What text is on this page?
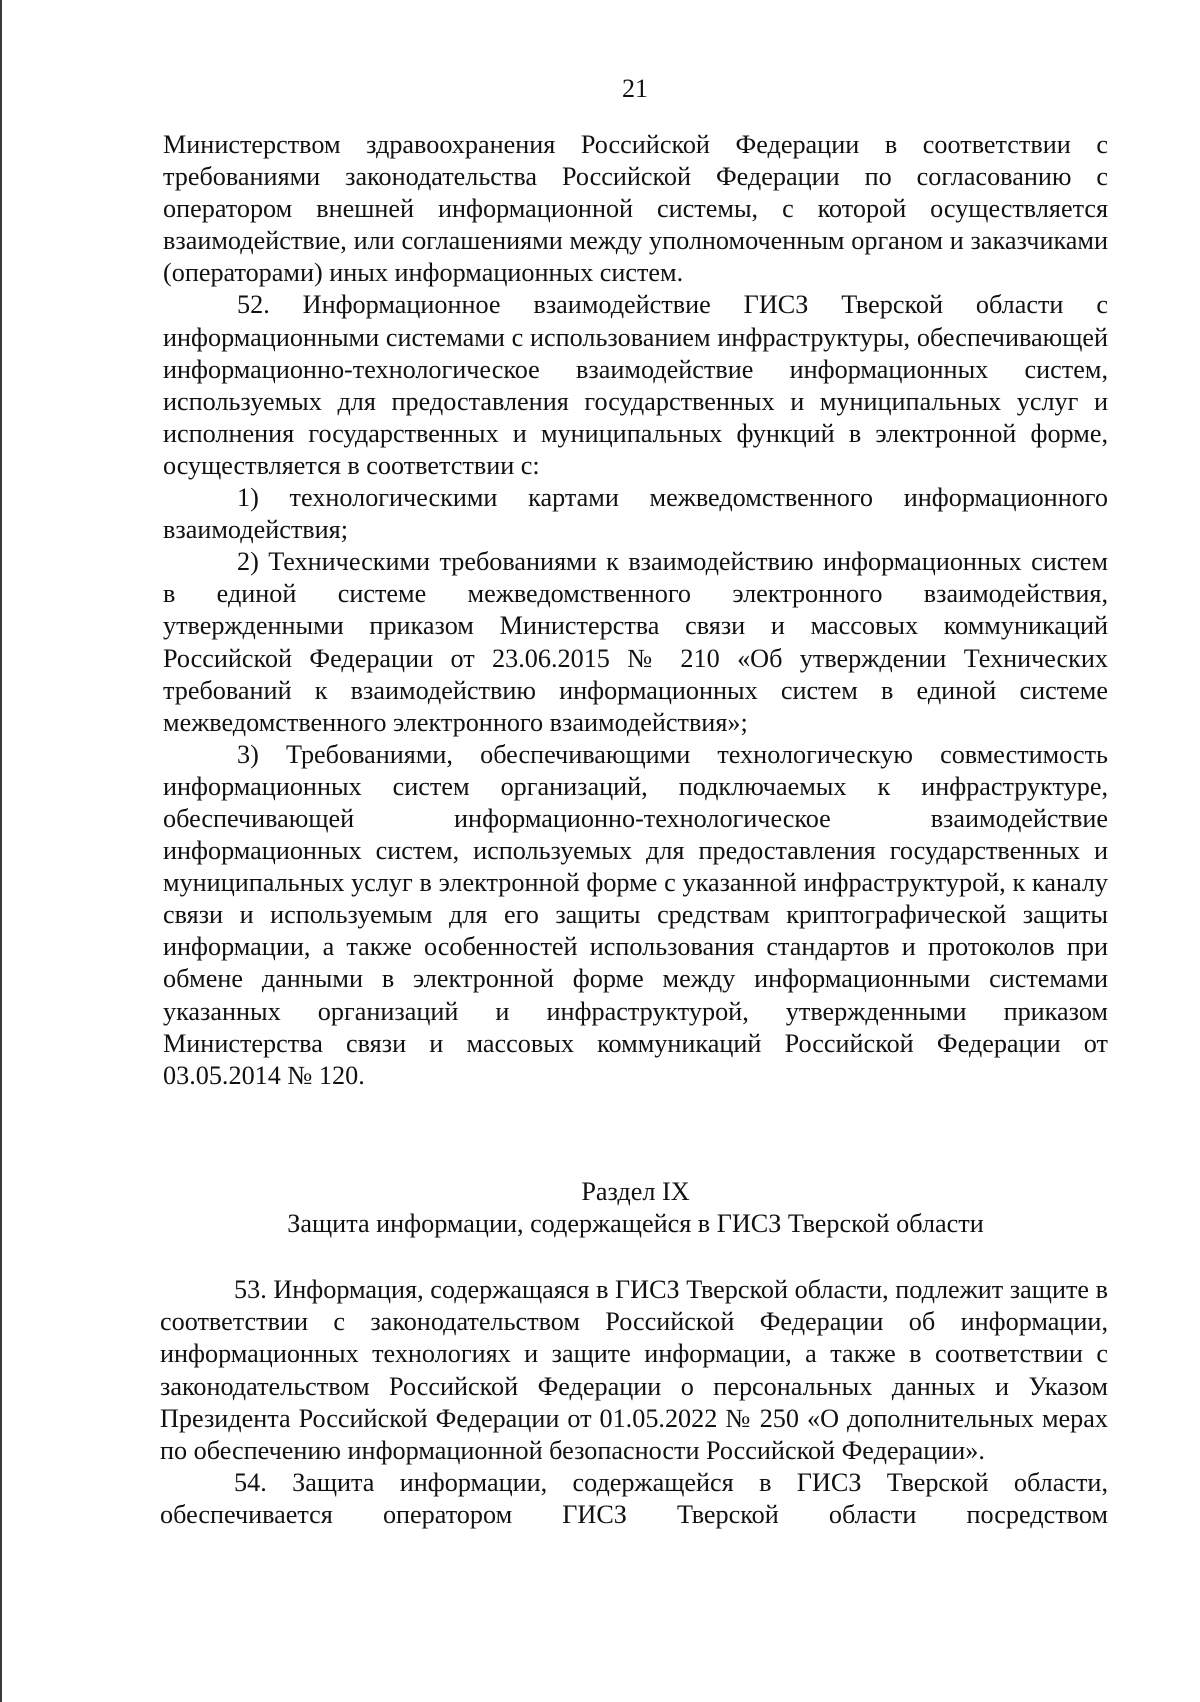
21

Министерством здравоохранения Российской Федерации в соответствии с требованиями законодательства Российской Федерации по согласованию с оператором внешней информационной системы, с которой осуществляется взаимодействие, или соглашениями между уполномоченным органом и заказчиками (операторами) иных информационных систем.

52. Информационное взаимодействие ГИСЗ Тверской области с информационными системами с использованием инфраструктуры, обеспечивающей информационно-технологическое взаимодействие информационных систем, используемых для предоставления государственных и муниципальных услуг и исполнения государственных и муниципальных функций в электронной форме, осуществляется в соответствии с:

1) технологическими картами межведомственного информационного взаимодействия;

2) Техническими требованиями к взаимодействию информационных систем в единой системе межведомственного электронного взаимодействия, утвержденными приказом Министерства связи и массовых коммуникаций Российской Федерации от 23.06.2015 № 210 «Об утверждении Технических требований к взаимодействию информационных систем в единой системе межведомственного электронного взаимодействия»;

3) Требованиями, обеспечивающими технологическую совместимость информационных систем организаций, подключаемых к инфраструктуре, обеспечивающей информационно-технологическое взаимодействие информационных систем, используемых для предоставления государственных и муниципальных услуг в электронной форме с указанной инфраструктурой, к каналу связи и используемым для его защиты средствам криптографической защиты информации, а также особенностей использования стандартов и протоколов при обмене данными в электронной форме между информационными системами указанных организаций и инфраструктурой, утвержденными приказом Министерства связи и массовых коммуникаций Российской Федерации от 03.05.2014 № 120.

Раздел IX
Защита информации, содержащейся в ГИСЗ Тверской области

53. Информация, содержащаяся в ГИСЗ Тверской области, подлежит защите в соответствии с законодательством Российской Федерации об информации, информационных технологиях и защите информации, а также в соответствии с законодательством Российской Федерации о персональных данных и Указом Президента Российской Федерации от 01.05.2022 № 250 «О дополнительных мерах по обеспечению информационной безопасности Российской Федерации».

54. Защита информации, содержащейся в ГИСЗ Тверской области, обеспечивается оператором ГИСЗ Тверской области посредством
